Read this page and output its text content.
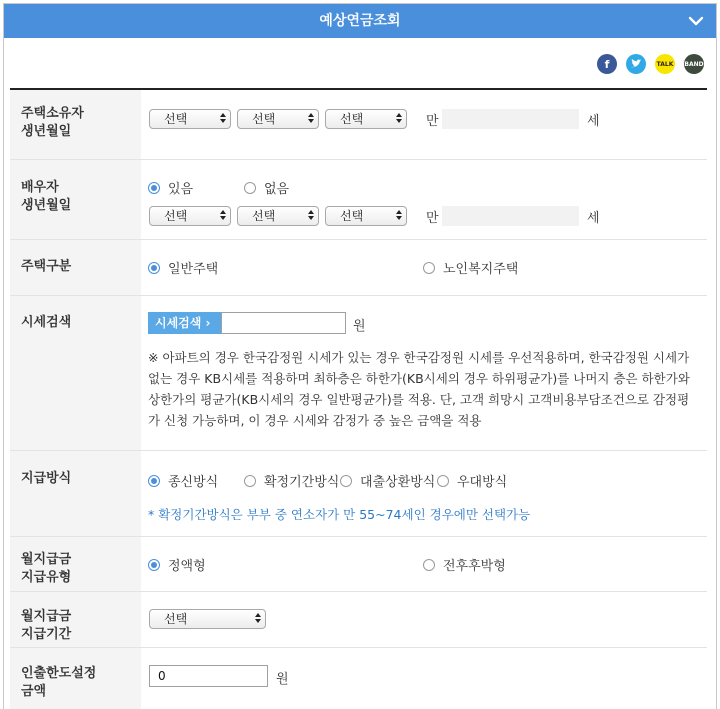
예상연금조회
f	TALK BAND
주택소유자
생년월일
선택	선택	선택	만	세
배우자
생년월일
있음	없음
선택	선택	선택	만	세
주택구분	일반주택	노인복지주택
시세검색	시세검색 ›	원
※ 아파트의 경우 한국감정원 시세가 있는 경우 한국감정원 시세를 우선적용하며, 한국감정원 시세가 없는 경우 KB시세를 적용하며 최하층은 하한가(KB시세의 경우 하위평균가)를 나머지 층은 하한가와 상한가의 평균가(KB시세의 경우 일반평균가)를 적용. 단, 고객 희망시 고객비용부담조건으로 감정평가 신청 가능하며, 이 경우 시세와 감정가 중 높은 금액을 적용
지급방식	종신방식	확정기간방식 대출상환방식 우대방식
* 확정기간방식은 부부 중 연소자가 만 55~74세인 경우에만 선택가능
월지급금
지급유형
정액형	전후후박형
월지급금
지급기간
선택
인출한도설정
금액
0	원
